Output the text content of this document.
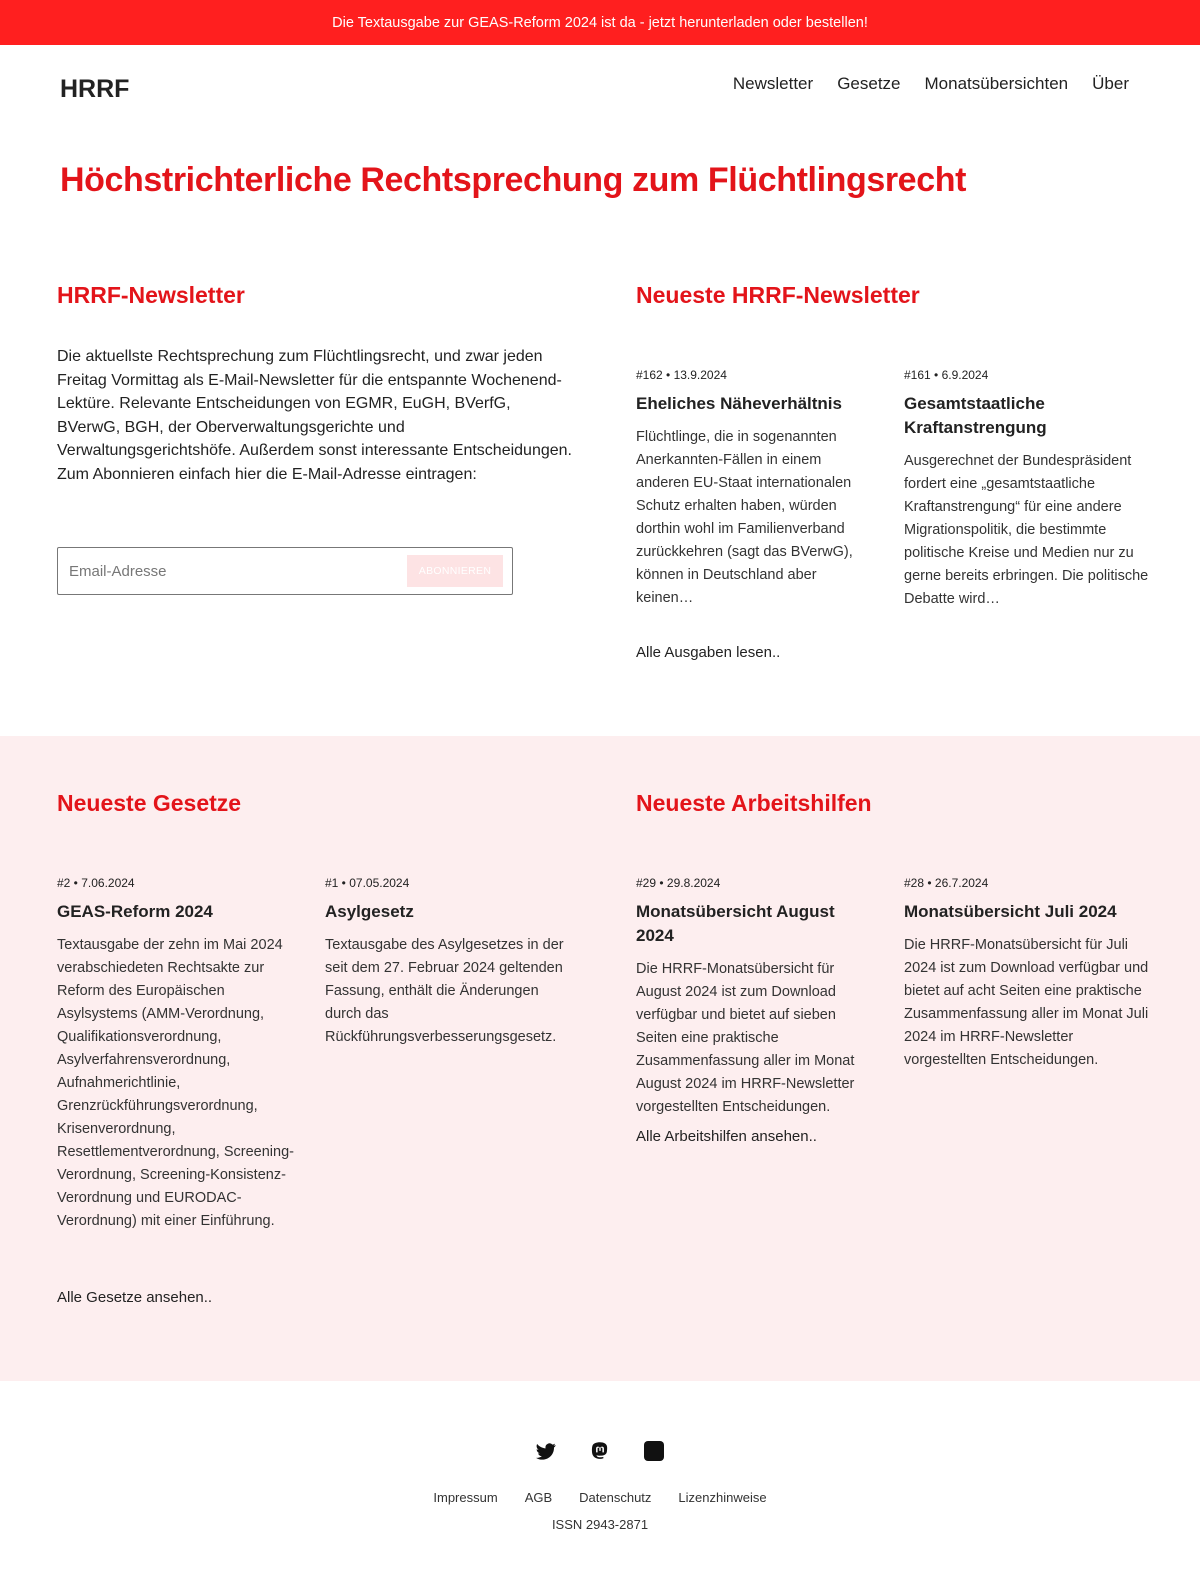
Die Textausgabe zur GEAS-Reform 2024 ist da - jetzt herunterladen oder bestellen!
HRRF	Newsletter Gesetze Monatsübersichten Über
Höchstrichterliche Rechtsprechung zum Flüchtlingsrecht
HRRF-Newsletter

Die aktuellste Rechtsprechung zum Flüchtlingsrecht, und zwar jeden Freitag Vormittag als E-Mail-Newsletter für die entspannte Wochenend-Lektüre. Relevante Entscheidungen von EGMR, EuGH, BVerfG, BVerwG, BGH, der Oberverwaltungsgerichte und Verwaltungsgerichtshöfe. Außerdem sonst interessante Entscheidungen. Zum Abonnieren einfach hier die E-Mail-Adresse eintragen:

Email-Adresse
ABONNIEREN
Neueste HRRF-Newsletter
#162 • 13.9.2024
Eheliches Näheverhältnis
Flüchtlinge, die in sogenannten Anerkannten-Fällen in einem anderen EU-Staat internationalen Schutz erhalten haben, würden dorthin wohl im Familienverband zurückkehren (sagt das BVerwG), können in Deutschland aber keinen…
#161 • 6.9.2024
Gesamtstaatliche Kraftanstrengung
Ausgerechnet der Bundespräsident fordert eine „gesamtstaatliche Kraftanstrengung“ für eine andere Migrationspolitik, die bestimmte politische Kreise und Medien nur zu gerne bereits erbringen. Die politische Debatte wird…
Alle Ausgaben lesen..
Neueste Gesetze
#2 • 7.06.2024
GEAS-Reform 2024
Textausgabe der zehn im Mai 2024 verabschiedeten Rechtsakte zur Reform des Europäischen Asylsystems (AMM-Verordnung, Qualifikationsverordnung, Asylverfahrensverordnung, Aufnahmerichtlinie, Grenzrückführungsverordnung, Krisenverordnung, Resettlementverordnung, Screening-Verordnung, Screening-Konsistenz-Verordnung und EURODAC-Verordnung) mit einer Einführung.
#1 • 07.05.2024
Asylgesetz
Textausgabe des Asylgesetzes in der seit dem 27. Februar 2024 geltenden Fassung, enthält die Änderungen durch das Rückführungsverbesserungsgesetz.
Alle Gesetze ansehen..
Neueste Arbeitshilfen
#29 • 29.8.2024
Monatsübersicht August 2024
Die HRRF-Monatsübersicht für August 2024 ist zum Download verfügbar und bietet auf sieben Seiten eine praktische Zusammenfassung aller im Monat August 2024 im HRRF-Newsletter vorgestellten Entscheidungen.
#28 • 26.7.2024
Monatsübersicht Juli 2024
Die HRRF-Monatsübersicht für Juli 2024 ist zum Download verfügbar und bietet auf acht Seiten eine praktische Zusammenfassung aller im Monat Juli 2024 im HRRF-Newsletter vorgestellten Entscheidungen.
Alle Arbeitshilfen ansehen..
Impressum AGB Datenschutz Lizenzhinweise
ISSN 2943-2871
